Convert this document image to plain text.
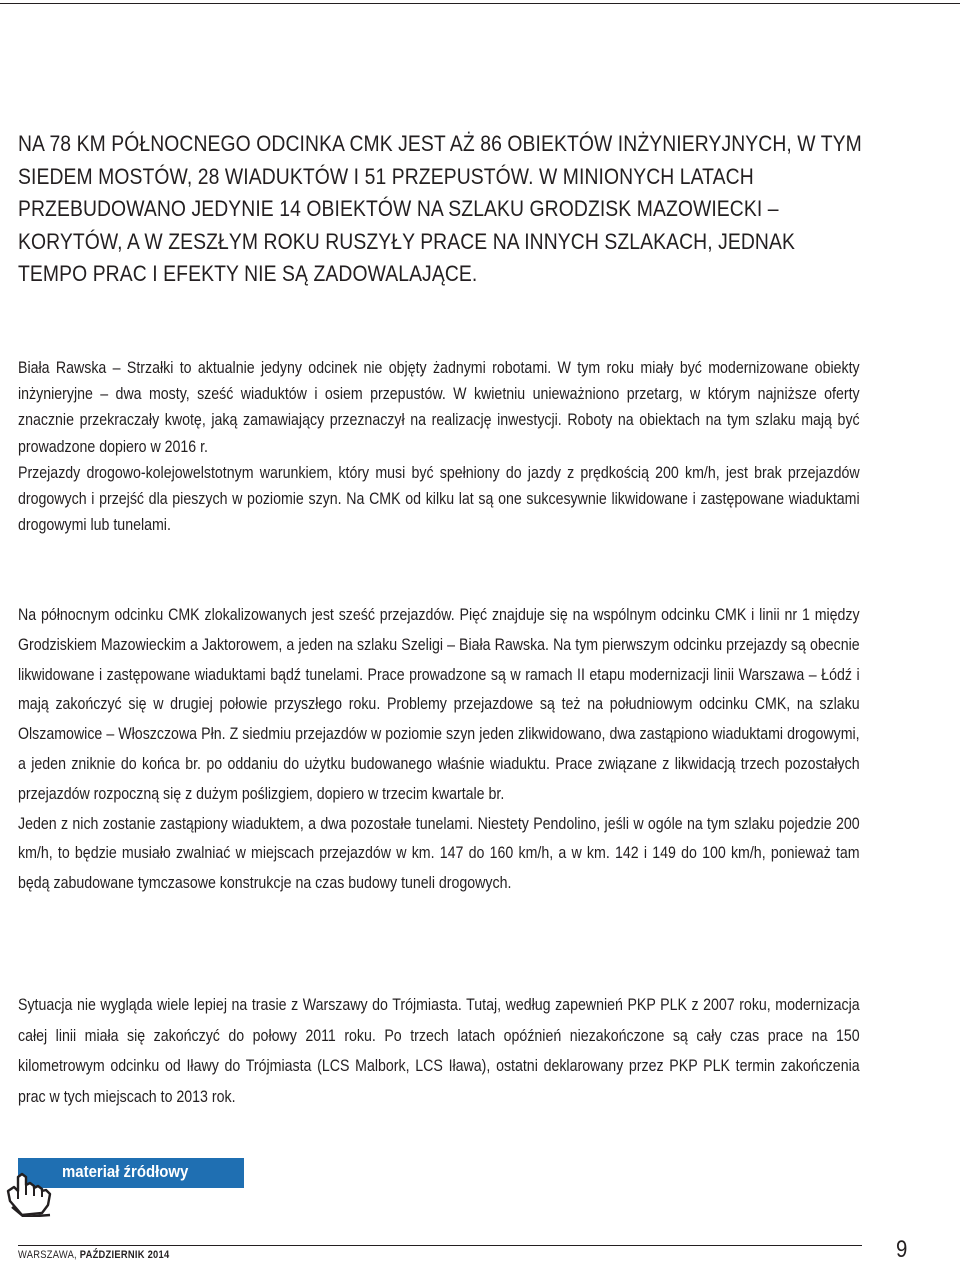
NA 78 KM PÓŁNOCNEGO ODCINKA CMK JEST AŻ 86 OBIEKTÓW INŻYNIERYJNYCH, W TYM SIEDEM MOSTÓW, 28 WIADUKTÓW I 51 PRZEPUSTÓW. W MINIONYCH LATACH PRZEBUDOWANO JEDYNIE 14 OBIEKTÓW NA SZLAKU GRODZISK MAZOWIECKI – KORYTÓW, A W ZESZŁYM ROKU RUSZYŁY PRACE NA INNYCH SZLAKACH, JEDNAK TEMPO PRAC I EFEKTY NIE SĄ ZADOWALAJĄCE.

Biała Rawska – Strzałki to aktualnie jedyny odcinek nie objęty żadnymi robotami. W tym roku miały być modernizowane obiekty inżynieryjne – dwa mosty, sześć wiaduktów i osiem przepustów. W kwietniu unieważniono przetarg, w którym najniższe oferty znacznie przekraczały kwotę, jaką zamawiający przeznaczył na realizację inwestycji. Roboty na obiektach na tym szlaku mają być prowadzone dopiero w 2016 r.

Przejazdy drogowo-kolejowelstotnym warunkiem, który musi być spełniony do jazdy z prędkością 200 km/h, jest brak przejazdów drogowych i przejść dla pieszych w poziomie szyn. Na CMK od kilku lat są one sukcesywnie likwidowane i zastępowane wiaduktami drogowymi lub tunelami.

Na północnym odcinku CMK zlokalizowanych jest sześć przejazdów. Pięć znajduje się na wspólnym odcinku CMK i linii nr 1 między Grodziskiem Mazowieckim a Jaktorowem, a jeden na szlaku Szeligi – Biała Rawska. Na tym pierwszym odcinku przejazdy są obecnie likwidowane i zastępowane wiaduktami bądź tunelami. Prace prowadzone są w ramach II etapu modernizacji linii Warszawa – Łódź i mają zakończyć się w drugiej połowie przyszłego roku. Problemy przejazdowe są też na południowym odcinku CMK, na szlaku Olszamowice – Włoszczowa Płn. Z siedmiu przejazdów w poziomie szyn jeden zlikwidowano, dwa zastąpiono wiaduktami drogowymi, a jeden zniknie do końca br. po oddaniu do użytku budowanego właśnie wiaduktu. Prace związane z likwidacją trzech pozostałych przejazdów rozpoczną się z dużym poślizgiem, dopiero w trzecim kwartale br.

Jeden z nich zostanie zastąpiony wiaduktem, a dwa pozostałe tunelami. Niestety Pendolino, jeśli w ogóle na tym szlaku pojedzie 200 km/h, to będzie musiało zwalniać w miejscach przejazdów w km. 147 do 160 km/h, a w km. 142 i 149 do 100 km/h, ponieważ tam będą zabudowane tymczasowe konstrukcje na czas budowy tuneli drogowych.

Sytuacja nie wygląda wiele lepiej na trasie z Warszawy do Trójmiasta. Tutaj, według zapewnień PKP PLK z 2007 roku, modernizacja całej linii miała się zakończyć do połowy 2011 roku. Po trzech latach opóźnień niezakończone są cały czas prace na 150 kilometrowym odcinku od Iławy do Trójmiasta (LCS Malbork, LCS Iława), ostatni deklarowany przez PKP PLK termin zakończenia prac w tych miejscach to 2013 rok.

materiał źródłowy
WARSZAWA, PAŹDZIERNIK 2014	9
